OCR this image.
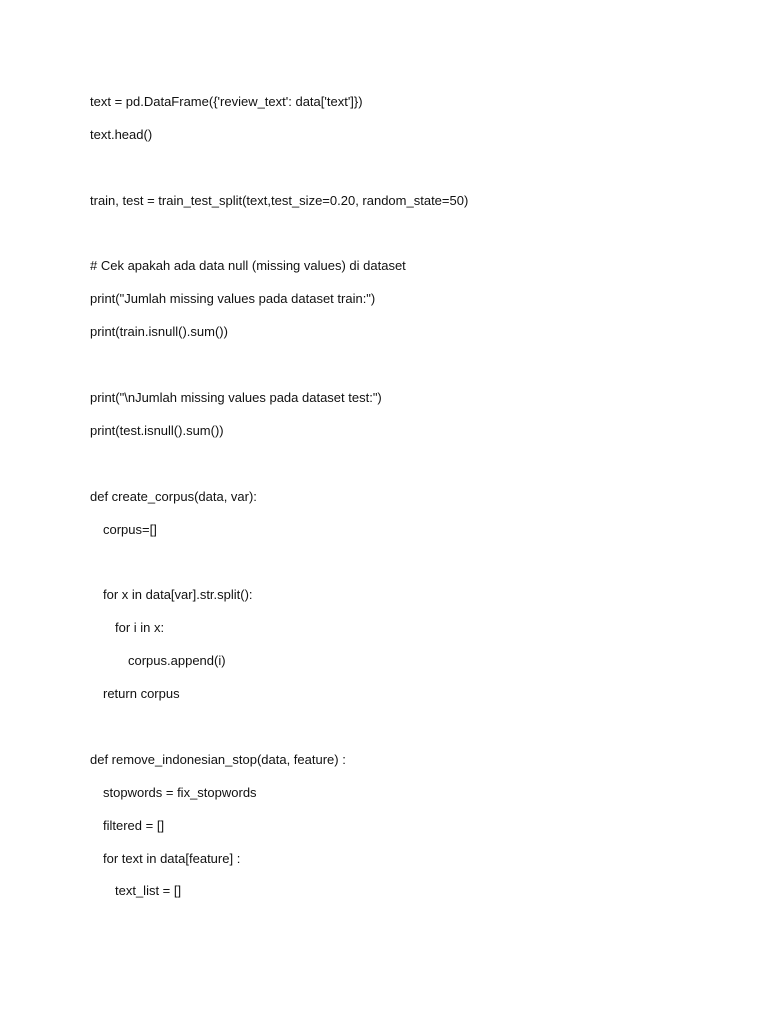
text = pd.DataFrame({'review_text': data['text']})
text.head()
train, test = train_test_split(text,test_size=0.20, random_state=50)
# Cek apakah ada data null (missing values) di dataset
print("Jumlah missing values pada dataset train:")
print(train.isnull().sum())
print("\nJumlah missing values pada dataset test:")
print(test.isnull().sum())
def create_corpus(data, var):
corpus=[]
for x in data[var].str.split():
for i in x:
corpus.append(i)
return corpus
def remove_indonesian_stop(data, feature) :
stopwords = fix_stopwords
filtered = []
for text in data[feature] :
text_list = []
